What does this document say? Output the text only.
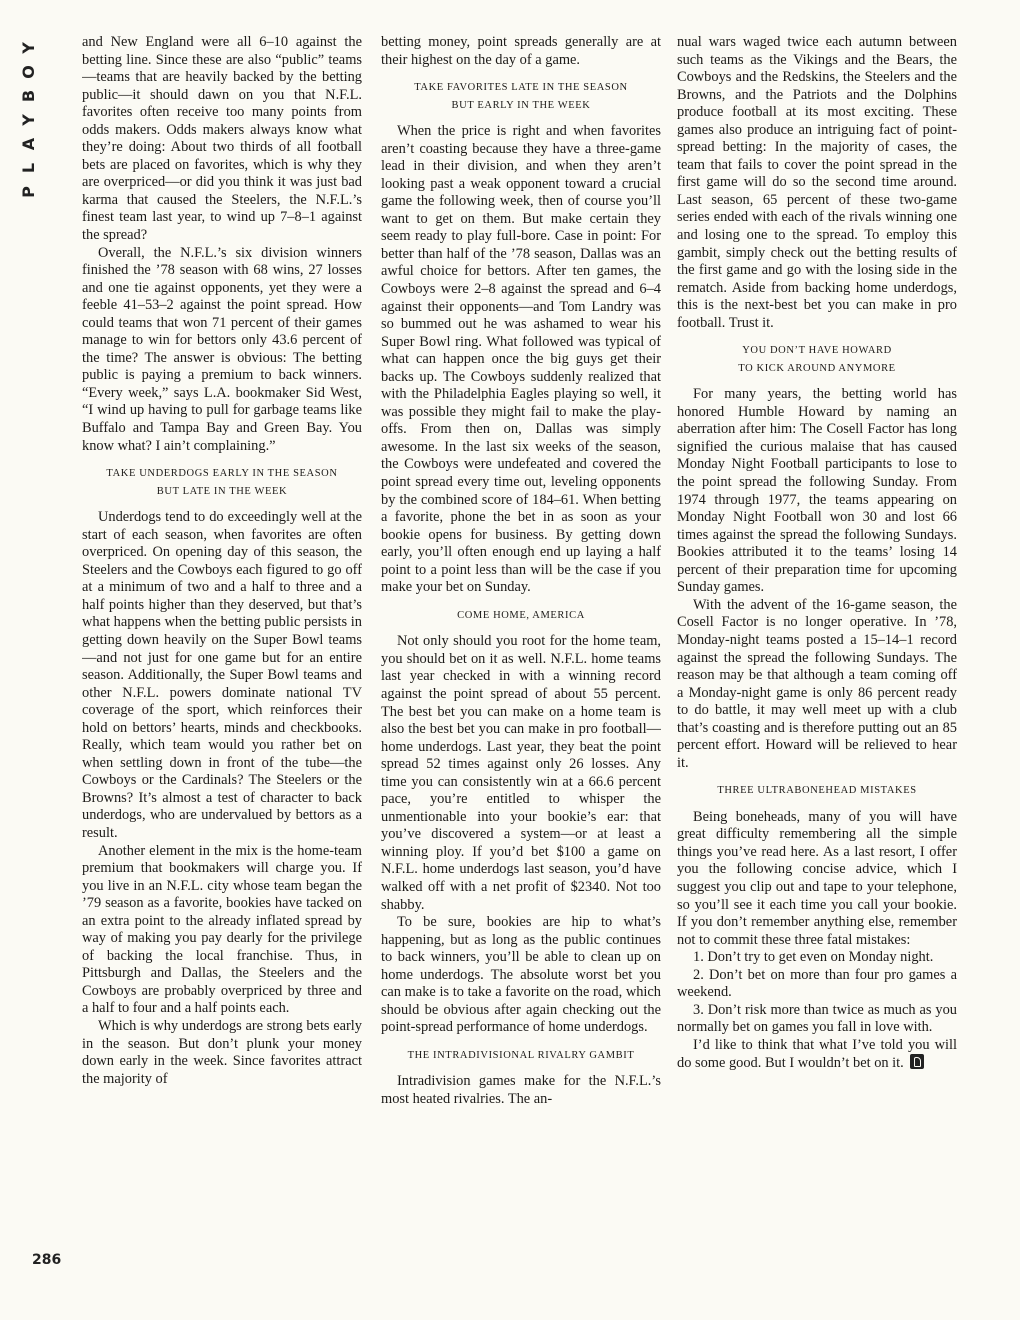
Y
O
B
Y
A
L
P
286

and New England were all 6–10 against the betting line. Since these are also “public” teams—teams that are heavily backed by the betting public—it should dawn on you that N.F.L. favorites often receive too many points from odds makers. Odds makers always know what they’re doing: About two thirds of all football bets are placed on favorites, which is why they are overpriced—or did you think it was just bad karma that caused the Steelers, the N.F.L.’s finest team last year, to wind up 7–8–1 against the spread?

Overall, the N.F.L.’s six division winners finished the ’78 season with 68 wins, 27 losses and one tie against opponents, yet they were a feeble 41–53–2 against the point spread. How could teams that won 71 percent of their games manage to win for bettors only 43.6 percent of the time? The answer is obvious: The betting public is paying a premium to back winners. “Every week,” says L.A. bookmaker Sid West, “I wind up having to pull for garbage teams like Buffalo and Tampa Bay and Green Bay. You know what? I ain’t complaining.”

TAKE UNDERDOGS EARLY IN THE SEASON
BUT LATE IN THE WEEK

Underdogs tend to do exceedingly well at the start of each season, when favorites are often overpriced. On opening day of this season, the Steelers and the Cowboys each figured to go off at a minimum of two and a half to three and a half points higher than they deserved, but that’s what happens when the betting public persists in getting down heavily on the Super Bowl teams—and not just for one game but for an entire season. Additionally, the Super Bowl teams and other N.F.L. powers dominate national TV coverage of the sport, which reinforces their hold on bettors’ hearts, minds and checkbooks. Really, which team would you rather bet on when settling down in front of the tube—the Cowboys or the Cardinals? The Steelers or the Browns? It’s almost a test of character to back underdogs, who are undervalued by bettors as a result.

Another element in the mix is the home-team premium that bookmakers will charge you. If you live in an N.F.L. city whose team began the ’79 season as a favorite, bookies have tacked on an extra point to the already inflated spread by way of making you pay dearly for the privilege of backing the local franchise. Thus, in Pittsburgh and Dallas, the Steelers and the Cowboys are probably overpriced by three and a half to four and a half points each.

Which is why underdogs are strong bets early in the season. But don’t plunk your money down early in the week. Since favorites attract the majority of

betting money, point spreads generally are at their highest on the day of a game.

TAKE FAVORITES LATE IN THE SEASON
BUT EARLY IN THE WEEK

When the price is right and when favorites aren’t coasting because they have a three-game lead in their division, and when they aren’t looking past a weak opponent toward a crucial game the following week, then of course you’ll want to get on them. But make certain they seem ready to play full-bore. Case in point: For better than half of the ’78 season, Dallas was an awful choice for bettors. After ten games, the Cowboys were 2–8 against the spread and 6–4 against their opponents—and Tom Landry was so bummed out he was ashamed to wear his Super Bowl ring. What followed was typical of what can happen once the big guys get their backs up. The Cowboys suddenly realized that with the Philadelphia Eagles playing so well, it was possible they might fail to make the play-offs. From then on, Dallas was simply awesome. In the last six weeks of the season, the Cowboys were undefeated and covered the point spread every time out, leveling opponents by the combined score of 184–61. When betting a favorite, phone the bet in as soon as your bookie opens for business. By getting down early, you’ll often enough end up laying a half point to a point less than will be the case if you make your bet on Sunday.

COME HOME, AMERICA

Not only should you root for the home team, you should bet on it as well. N.F.L. home teams last year checked in with a winning record against the point spread of about 55 percent. The best bet you can make on a home team is also the best bet you can make in pro football—home underdogs. Last year, they beat the point spread 52 times against only 26 losses. Any time you can consistently win at a 66.6 percent pace, you’re entitled to whisper the unmentionable into your bookie’s ear: that you’ve discovered a system—or at least a winning ploy. If you’d bet $100 a game on N.F.L. home underdogs last season, you’d have walked off with a net profit of $2340. Not too shabby.

To be sure, bookies are hip to what’s happening, but as long as the public continues to back winners, you’ll be able to clean up on home underdogs. The absolute worst bet you can make is to take a favorite on the road, which should be obvious after again checking out the point-spread performance of home underdogs.

THE INTRADIVISIONAL RIVALRY GAMBIT

Intradivision games make for the N.F.L.’s most heated rivalries. The an-

nual wars waged twice each autumn between such teams as the Vikings and the Bears, the Cowboys and the Redskins, the Steelers and the Browns, and the Patriots and the Dolphins produce football at its most exciting. These games also produce an intriguing fact of point-spread betting: In the majority of cases, the team that fails to cover the point spread in the first game will do so the second time around. Last season, 65 percent of these two-game series ended with each of the rivals winning one and losing one to the spread. To employ this gambit, simply check out the betting results of the first game and go with the losing side in the rematch. Aside from backing home underdogs, this is the next-best bet you can make in pro football. Trust it.

YOU DON’T HAVE HOWARD
TO KICK AROUND ANYMORE

For many years, the betting world has honored Humble Howard by naming an aberration after him: The Cosell Factor has long signified the curious malaise that has caused Monday Night Football participants to lose to the point spread the following Sunday. From 1974 through 1977, the teams appearing on Monday Night Football won 30 and lost 66 times against the spread the following Sundays. Bookies attributed it to the teams’ losing 14 percent of their preparation time for upcoming Sunday games.

With the advent of the 16-game season, the Cosell Factor is no longer operative. In ’78, Monday-night teams posted a 15–14–1 record against the spread the following Sundays. The reason may be that although a team coming off a Monday-night game is only 86 percent ready to do battle, it may well meet up with a club that’s coasting and is therefore putting out an 85 percent effort. Howard will be relieved to hear it.

THREE ULTRABONEHEAD MISTAKES

Being boneheads, many of you will have great difficulty remembering all the simple things you’ve read here. As a last resort, I offer you the following concise advice, which I suggest you clip out and tape to your telephone, so you’ll see it each time you call your bookie. If you don’t remember anything else, remember not to commit these three fatal mistakes:

1. Don’t try to get even on Monday night.

2. Don’t bet on more than four pro games a weekend.

3. Don’t risk more than twice as much as you normally bet on games you fall in love with.

I’d like to think that what I’ve told you will do some good. But I wouldn’t bet on it.
